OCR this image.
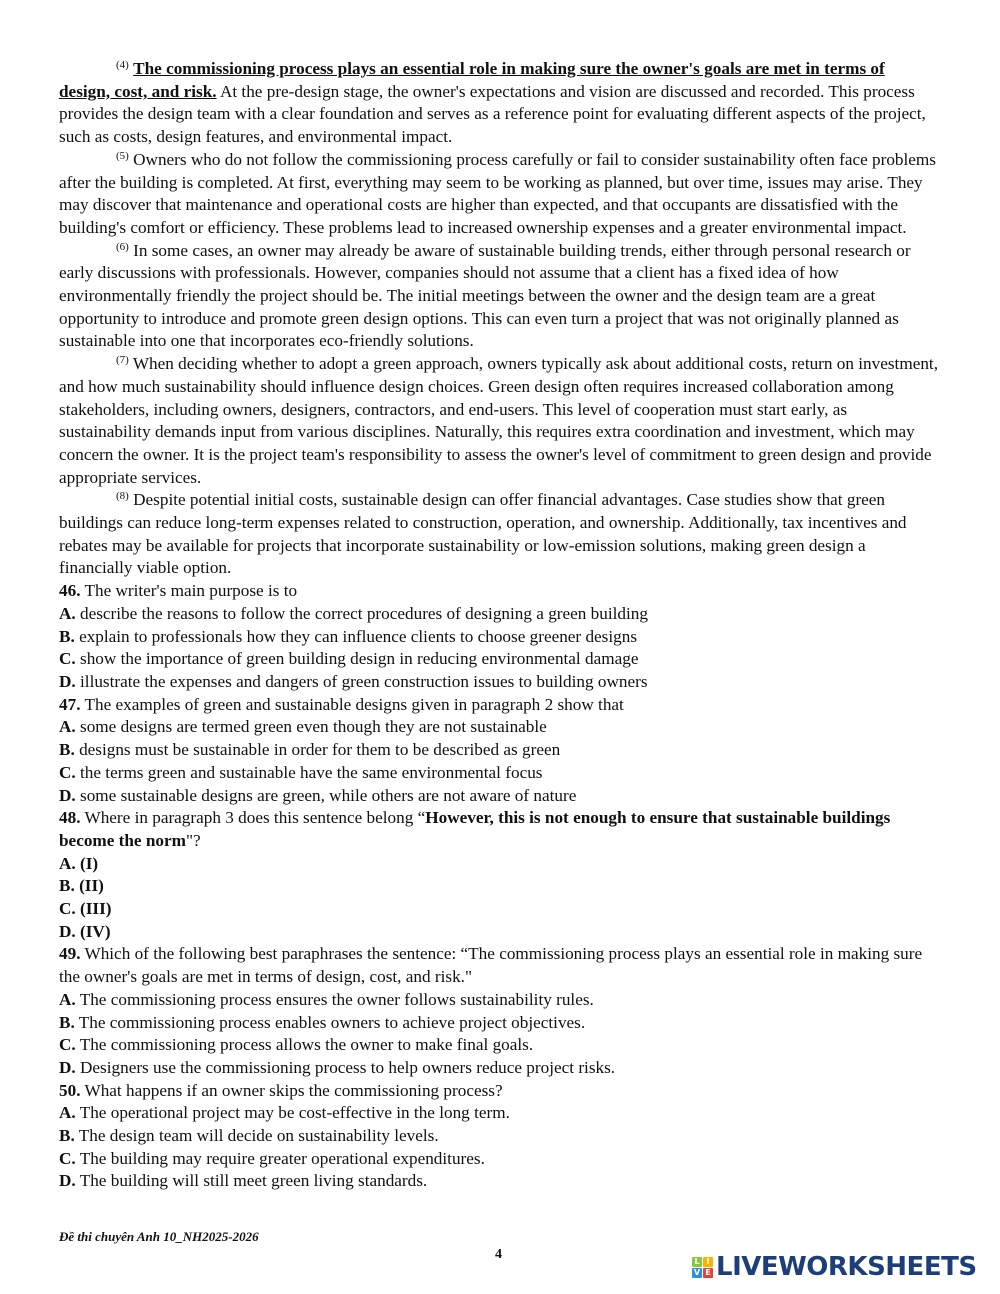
$^{(4)}$ The commissioning process plays an essential role in making sure the owner's goals are met in terms of design, cost, and risk. At the pre-design stage, the owner's expectations and vision are discussed and recorded. This process provides the design team with a clear foundation and serves as a reference point for evaluating different aspects of the project, such as costs, design features, and environmental impact.

$^{(5)}$ Owners who do not follow the commissioning process carefully or fail to consider sustainability often face problems after the building is completed. At first, everything may seem to be working as planned, but over time, issues may arise. They may discover that maintenance and operational costs are higher than expected, and that occupants are dissatisfied with the building's comfort or efficiency. These problems lead to increased ownership expenses and a greater environmental impact.

$^{(6)}$ In some cases, an owner may already be aware of sustainable building trends, either through personal research or early discussions with professionals. However, companies should not assume that a client has a fixed idea of how environmentally friendly the project should be. The initial meetings between the owner and the design team are a great opportunity to introduce and promote green design options. This can even turn a project that was not originally planned as sustainable into one that incorporates eco-friendly solutions.

$^{(7)}$ When deciding whether to adopt a green approach, owners typically ask about additional costs, return on investment, and how much sustainability should influence design choices. Green design often requires increased collaboration among stakeholders, including owners, designers, contractors, and end-users. This level of cooperation must start early, as sustainability demands input from various disciplines. Naturally, this requires extra coordination and investment, which may concern the owner. It is the project team's responsibility to assess the owner's level of commitment to green design and provide appropriate services.

$^{(8)}$ Despite potential initial costs, sustainable design can offer financial advantages. Case studies show that green buildings can reduce long-term expenses related to construction, operation, and ownership. Additionally, tax incentives and rebates may be available for projects that incorporate sustainability or low-emission solutions, making green design a financially viable option.

46. The writer's main purpose is to

A. describe the reasons to follow the correct procedures of designing a green building

B. explain to professionals how they can influence clients to choose greener designs

C. show the importance of green building design in reducing environmental damage

D. illustrate the expenses and dangers of green construction issues to building owners

47. The examples of green and sustainable designs given in paragraph 2 show that

A. some designs are termed green even though they are not sustainable

B. designs must be sustainable in order for them to be described as green

C. the terms green and sustainable have the same environmental focus

D. some sustainable designs are green, while others are not aware of nature

48. Where in paragraph 3 does this sentence belong “However, this is not enough to ensure that sustainable buildings become the norm"?

A. (I)

B. (II)

C. (III)

D. (IV)

49. Which of the following best paraphrases the sentence: “The commissioning process plays an essential role in making sure the owner's goals are met in terms of design, cost, and risk."

A. The commissioning process ensures the owner follows sustainability rules.

B. The commissioning process enables owners to achieve project objectives.

C. The commissioning process allows the owner to make final goals.

D. Designers use the commissioning process to help owners reduce project risks.

50. What happens if an owner skips the commissioning process?

A. The operational project may be cost-effective in the long term.

B. The design team will decide on sustainability levels.

C. The building may require greater operational expenditures.

D. The building will still meet green living standards.

Đề thi chuyên Anh 10_NH2025-2026
4	L I
V E LIVEWORKSHEETS
